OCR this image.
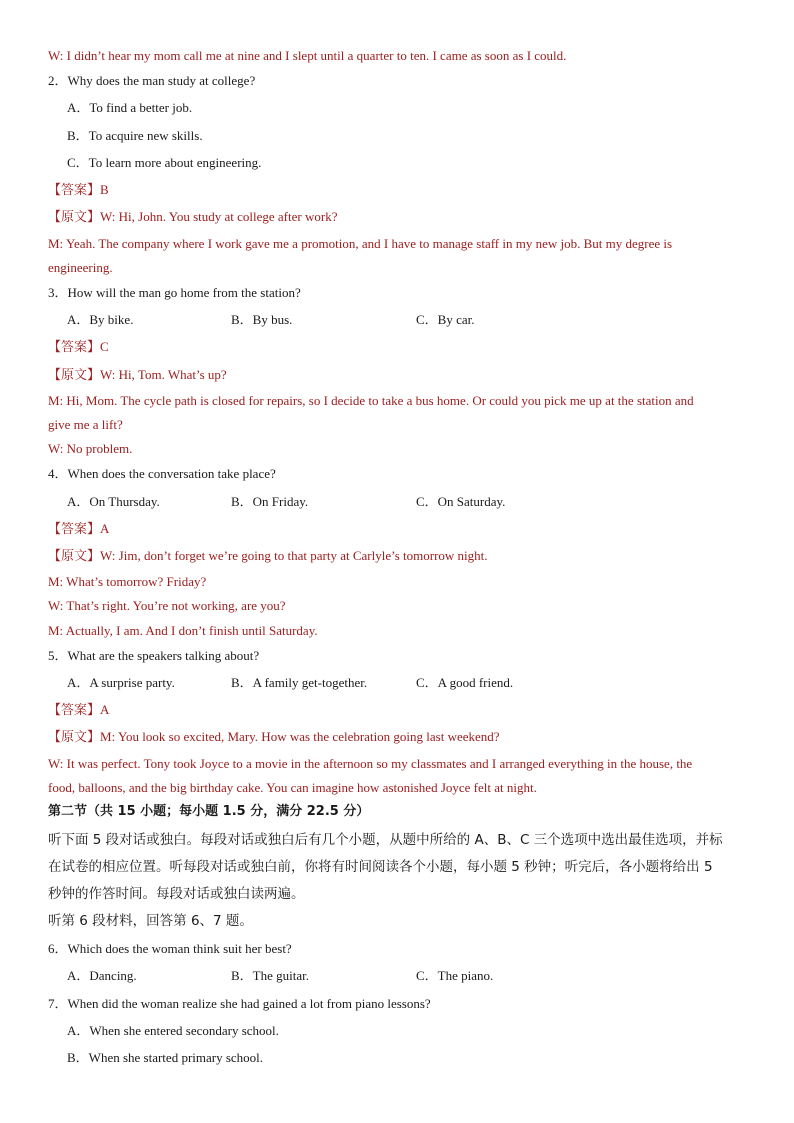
W: I didn’t hear my mom call me at nine and I slept until a quarter to ten. I came as soon as I could.
2．Why does the man study at college?
A．To find a better job.
B．To acquire new skills.
C．To learn more about engineering.
【答案】B
【原文】W: Hi, John. You study at college after work?
M: Yeah. The company where I work gave me a promotion, and I have to manage staff in my new job. But my degree is
engineering.
3．How will the man go home from the station?
A．By bike.	B．By bus.	C．By car.
【答案】C
【原文】W: Hi, Tom. What’s up?
M: Hi, Mom. The cycle path is closed for repairs, so I decide to take a bus home. Or could you pick me up at the station and
give me a lift?
W: No problem.
4．When does the conversation take place?
A．On Thursday.	B．On Friday.	C．On Saturday.
【答案】A
【原文】W: Jim, don’t forget we’re going to that party at Carlyle’s tomorrow night.
M: What’s tomorrow? Friday?
W: That’s right. You’re not working, are you?
M: Actually, I am. And I don’t finish until Saturday.
5．What are the speakers talking about?
A．A surprise party.	B．A family get-together.	C．A good friend.
【答案】A
【原文】M: You look so excited, Mary. How was the celebration going last weekend?
W: It was perfect. Tony took Joyce to a movie in the afternoon so my classmates and I arranged everything in the house, the
food, balloons, and the big birthday cake. You can imagine how astonished Joyce felt at night.
第二节（共 15 小题；每小题 1.5 分，满分 22.5 分）
听下面 5 段对话或独白。每段对话或独白后有几个小题，从题中所给的 A、B、C 三个选项中选出最佳选项，并标
在试卷的相应位置。听每段对话或独白前，你将有时间阅读各个小题，每小题 5 秒钟；听完后，各小题将给出 5
秒钟的作答时间。每段对话或独白读两遍。
听第 6 段材料，回答第 6、7 题。
6．Which does the woman think suit her best?
A．Dancing.	B．The guitar.	C．The piano.
7．When did the woman realize she had gained a lot from piano lessons?
A．When she entered secondary school.
B．When she started primary school.
